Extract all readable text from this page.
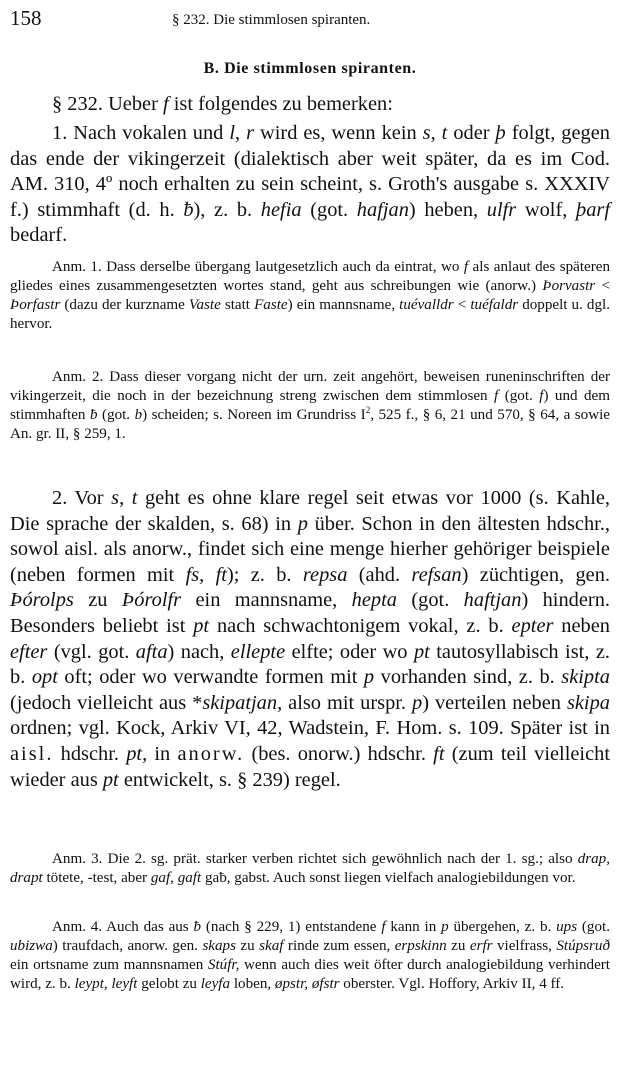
158	§ 232. Die stimmlosen spiranten.
B. Die stimmlosen spiranten.

§ 232. Ueber f ist folgendes zu bemerken:

1. Nach vokalen und l, r wird es, wenn kein s, t oder þ folgt, gegen das ende der vikingerzeit (dialektisch aber weit später, da es im Cod. AM. 310, 4º noch erhalten zu sein scheint, s. Groth's ausgabe s. XXXIV f.) stimmhaft (d. h. ƀ), z. b. hefia (got. hafjan) heben, ulfr wolf, þarf bedarf.

Anm. 1. Dass derselbe übergang lautgesetzlich auch da eintrat, wo f als anlaut des späteren gliedes eines zusammengesetzten wortes stand, geht aus schreibungen wie (anorw.) Þorvastr < Þorfastr (dazu der kurzname Vaste statt Faste) ein mannsname, tuévalldr < tuéfaldr doppelt u. dgl. hervor.

Anm. 2. Dass dieser vorgang nicht der urn. zeit angehört, beweisen runeninschriften der vikingerzeit, die noch in der bezeichnung streng zwischen dem stimmlosen f (got. f) und dem stimmhaften ƀ (got. b) scheiden; s. Noreen im Grundriss $I^2$, 525 f., § 6, 21 und 570, § 64, a sowie An. gr. II, § 259, 1.

2. Vor s, t geht es ohne klare regel seit etwas vor 1000 (s. Kahle, Die sprache der skalden, s. 68) in p über. Schon in den ältesten hdschr., sowol aisl. als anorw., findet sich eine menge hierher gehöriger beispiele (neben formen mit fs, ft); z. b. repsa (ahd. refsan) züchtigen, gen. Þórolps zu Þórolfr ein mannsname, hepta (got. haftjan) hindern. Besonders beliebt ist pt nach schwachtonigem vokal, z. b. epter neben efter (vgl. got. afta) nach, ellepte elfte; oder wo pt tautosyllabisch ist, z. b. opt oft; oder wo verwandte formen mit p vorhanden sind, z. b. skipta (jedoch vielleicht aus *skipatjan, also mit urspr. p) verteilen neben skipa ordnen; vgl. Kock, Arkiv VI, 42, Wadstein, F. Hom. s. 109. Später ist in aisl. hdschr. pt, in anorw. (bes. onorw.) hdschr. ft (zum teil vielleicht wieder aus pt entwickelt, s. § 239) regel.

Anm. 3. Die 2. sg. prät. starker verben richtet sich gewöhnlich nach der 1. sg.; also drap, drapt tötete, -test, aber gaf, gaft gaƀ, gabst. Auch sonst liegen vielfach analogiebildungen vor.

Anm. 4. Auch das aus ƀ (nach § 229, 1) entstandene f kann in p übergehen, z. b. ups (got. ubizwa) traufdach, anorw. gen. skaps zu skaf rinde zum essen, erpskinn zu erfr vielfrass, Stúpsruð ein ortsname zum mannsnamen Stúfr, wenn auch dies weit öfter durch analogiebildung verhindert wird, z. b. leypt, leyft gelobt zu leyfa loben, øpstr, øfstr oberster. Vgl. Hoffory, Arkiv II, 4 ff.
